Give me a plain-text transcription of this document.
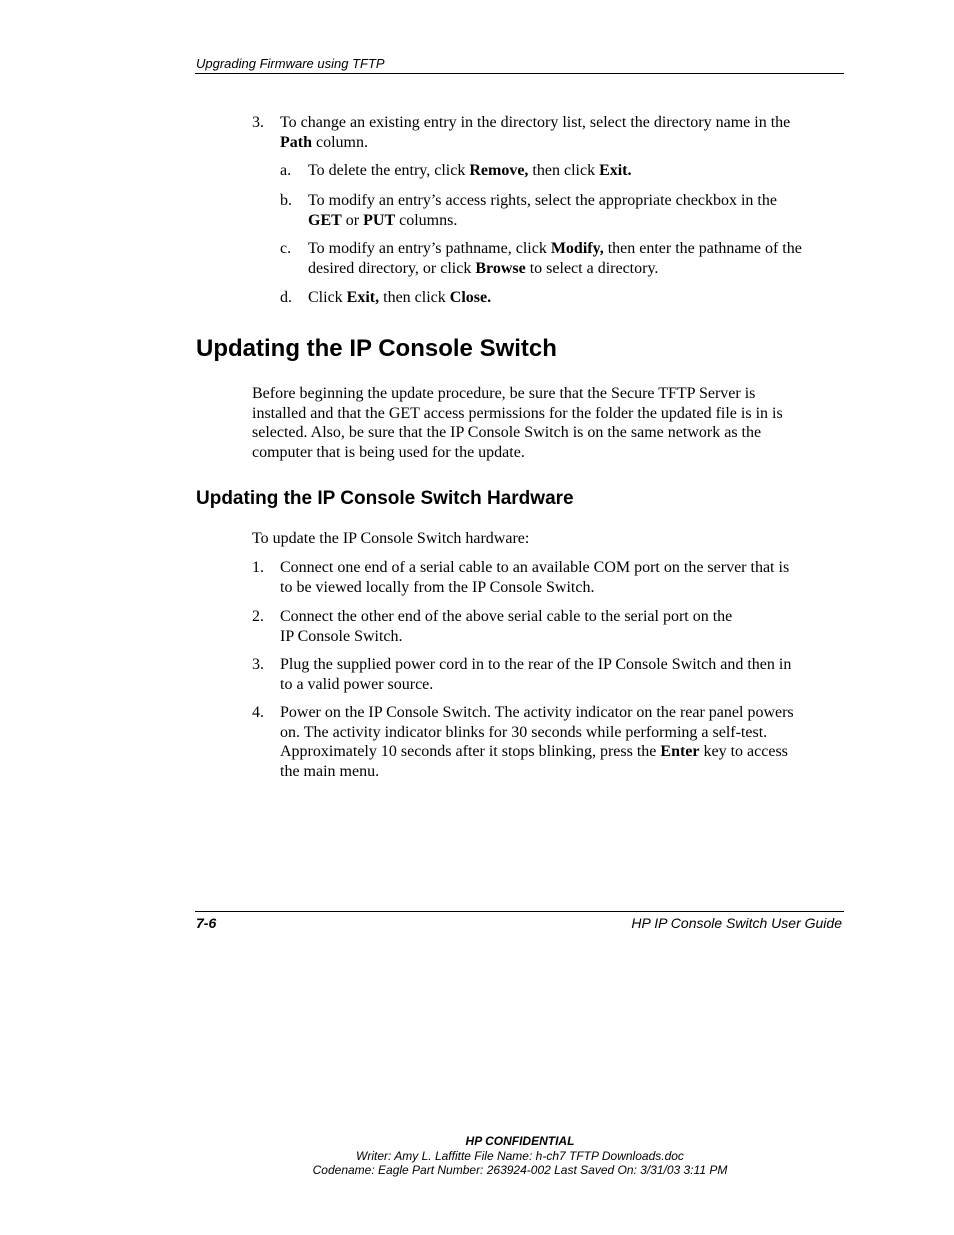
Upgrading Firmware using TFTP
3. To change an existing entry in the directory list, select the directory name in the
Path column.
a. To delete the entry, click Remove, then click Exit.
b. To modify an entry’s access rights, select the appropriate checkbox in the
GET or PUT columns.
c. To modify an entry’s pathname, click Modify, then enter the pathname of the
desired directory, or click Browse to select a directory.
d. Click Exit, then click Close.
Updating the IP Console Switch
Before beginning the update procedure, be sure that the Secure TFTP Server is
installed and that the GET access permissions for the folder the updated file is in is
selected. Also, be sure that the IP Console Switch is on the same network as the
computer that is being used for the update.
Updating the IP Console Switch Hardware
To update the IP Console Switch hardware:
1. Connect one end of a serial cable to an available COM port on the server that is
to be viewed locally from the IP Console Switch.
2. Connect the other end of the above serial cable to the serial port on the
IP Console Switch.
3. Plug the supplied power cord in to the rear of the IP Console Switch and then in
to a valid power source.
4. Power on the IP Console Switch. The activity indicator on the rear panel powers
on. The activity indicator blinks for 30 seconds while performing a self-test.
Approximately 10 seconds after it stops blinking, press the Enter key to access
the main menu.
7-6	HP IP Console Switch User Guide
HP CONFIDENTIAL
Writer: Amy L. Laffitte File Name: h-ch7 TFTP Downloads.doc
Codename: Eagle Part Number: 263924-002 Last Saved On: 3/31/03 3:11 PM
